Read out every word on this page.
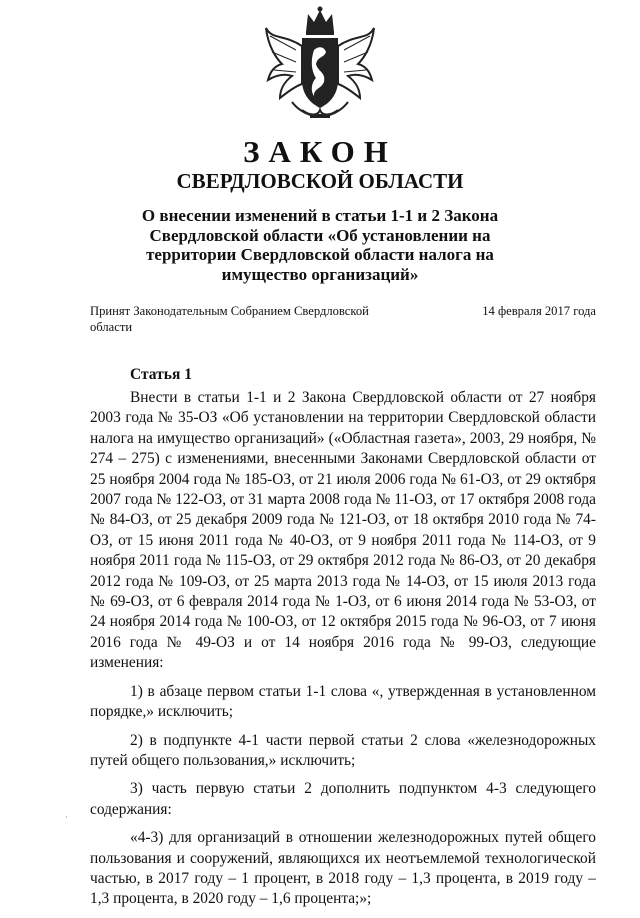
ЗАКОН
СВЕРДЛОВСКОЙ ОБЛАСТИ
О внесении изменений в статьи 1-1 и 2 Закона Свердловской области «Об установлении на территории Свердловской области налога на имущество организаций»
Принят Законодательным Собранием Свердловской области
14 февраля 2017 года
Статья 1

Внести в статьи 1-1 и 2 Закона Свердловской области от 27 ноября 2003 года № 35-ОЗ «Об установлении на территории Свердловской области налога на имущество организаций» («Областная газета», 2003, 29 ноября, № 274 – 275) с изменениями, внесенными Законами Свердловской области от 25 ноября 2004 года № 185-ОЗ, от 21 июля 2006 года № 61-ОЗ, от 29 октября 2007 года № 122-ОЗ, от 31 марта 2008 года № 11-ОЗ, от 17 октября 2008 года № 84-ОЗ, от 25 декабря 2009 года № 121-ОЗ, от 18 октября 2010 года № 74-ОЗ, от 15 июня 2011 года № 40-ОЗ, от 9 ноября 2011 года № 114-ОЗ, от 9 ноября 2011 года № 115-ОЗ, от 29 октября 2012 года № 86-ОЗ, от 20 декабря 2012 года № 109-ОЗ, от 25 марта 2013 года № 14-ОЗ, от 15 июля 2013 года № 69-ОЗ, от 6 февраля 2014 года № 1-ОЗ, от 6 июня 2014 года № 53-ОЗ, от 24 ноября 2014 года № 100-ОЗ, от 12 октября 2015 года № 96-ОЗ, от 7 июня 2016 года № 49-ОЗ и от 14 ноября 2016 года № 99-ОЗ, следующие изменения:

1) в абзаце первом статьи 1-1 слова «, утвержденная в установленном порядке,» исключить;

2) в подпункте 4-1 части первой статьи 2 слова «железнодорожных путей общего пользования,» исключить;

3) часть первую статьи 2 дополнить подпунктом 4-3 следующего содержания:

«4-3) для организаций в отношении железнодорожных путей общего пользования и сооружений, являющихся их неотъемлемой технологической частью, в 2017 году – 1 процент, в 2018 году – 1,3 процента, в 2019 году – 1,3 процента, в 2020 году – 1,6 процента;»;

·
